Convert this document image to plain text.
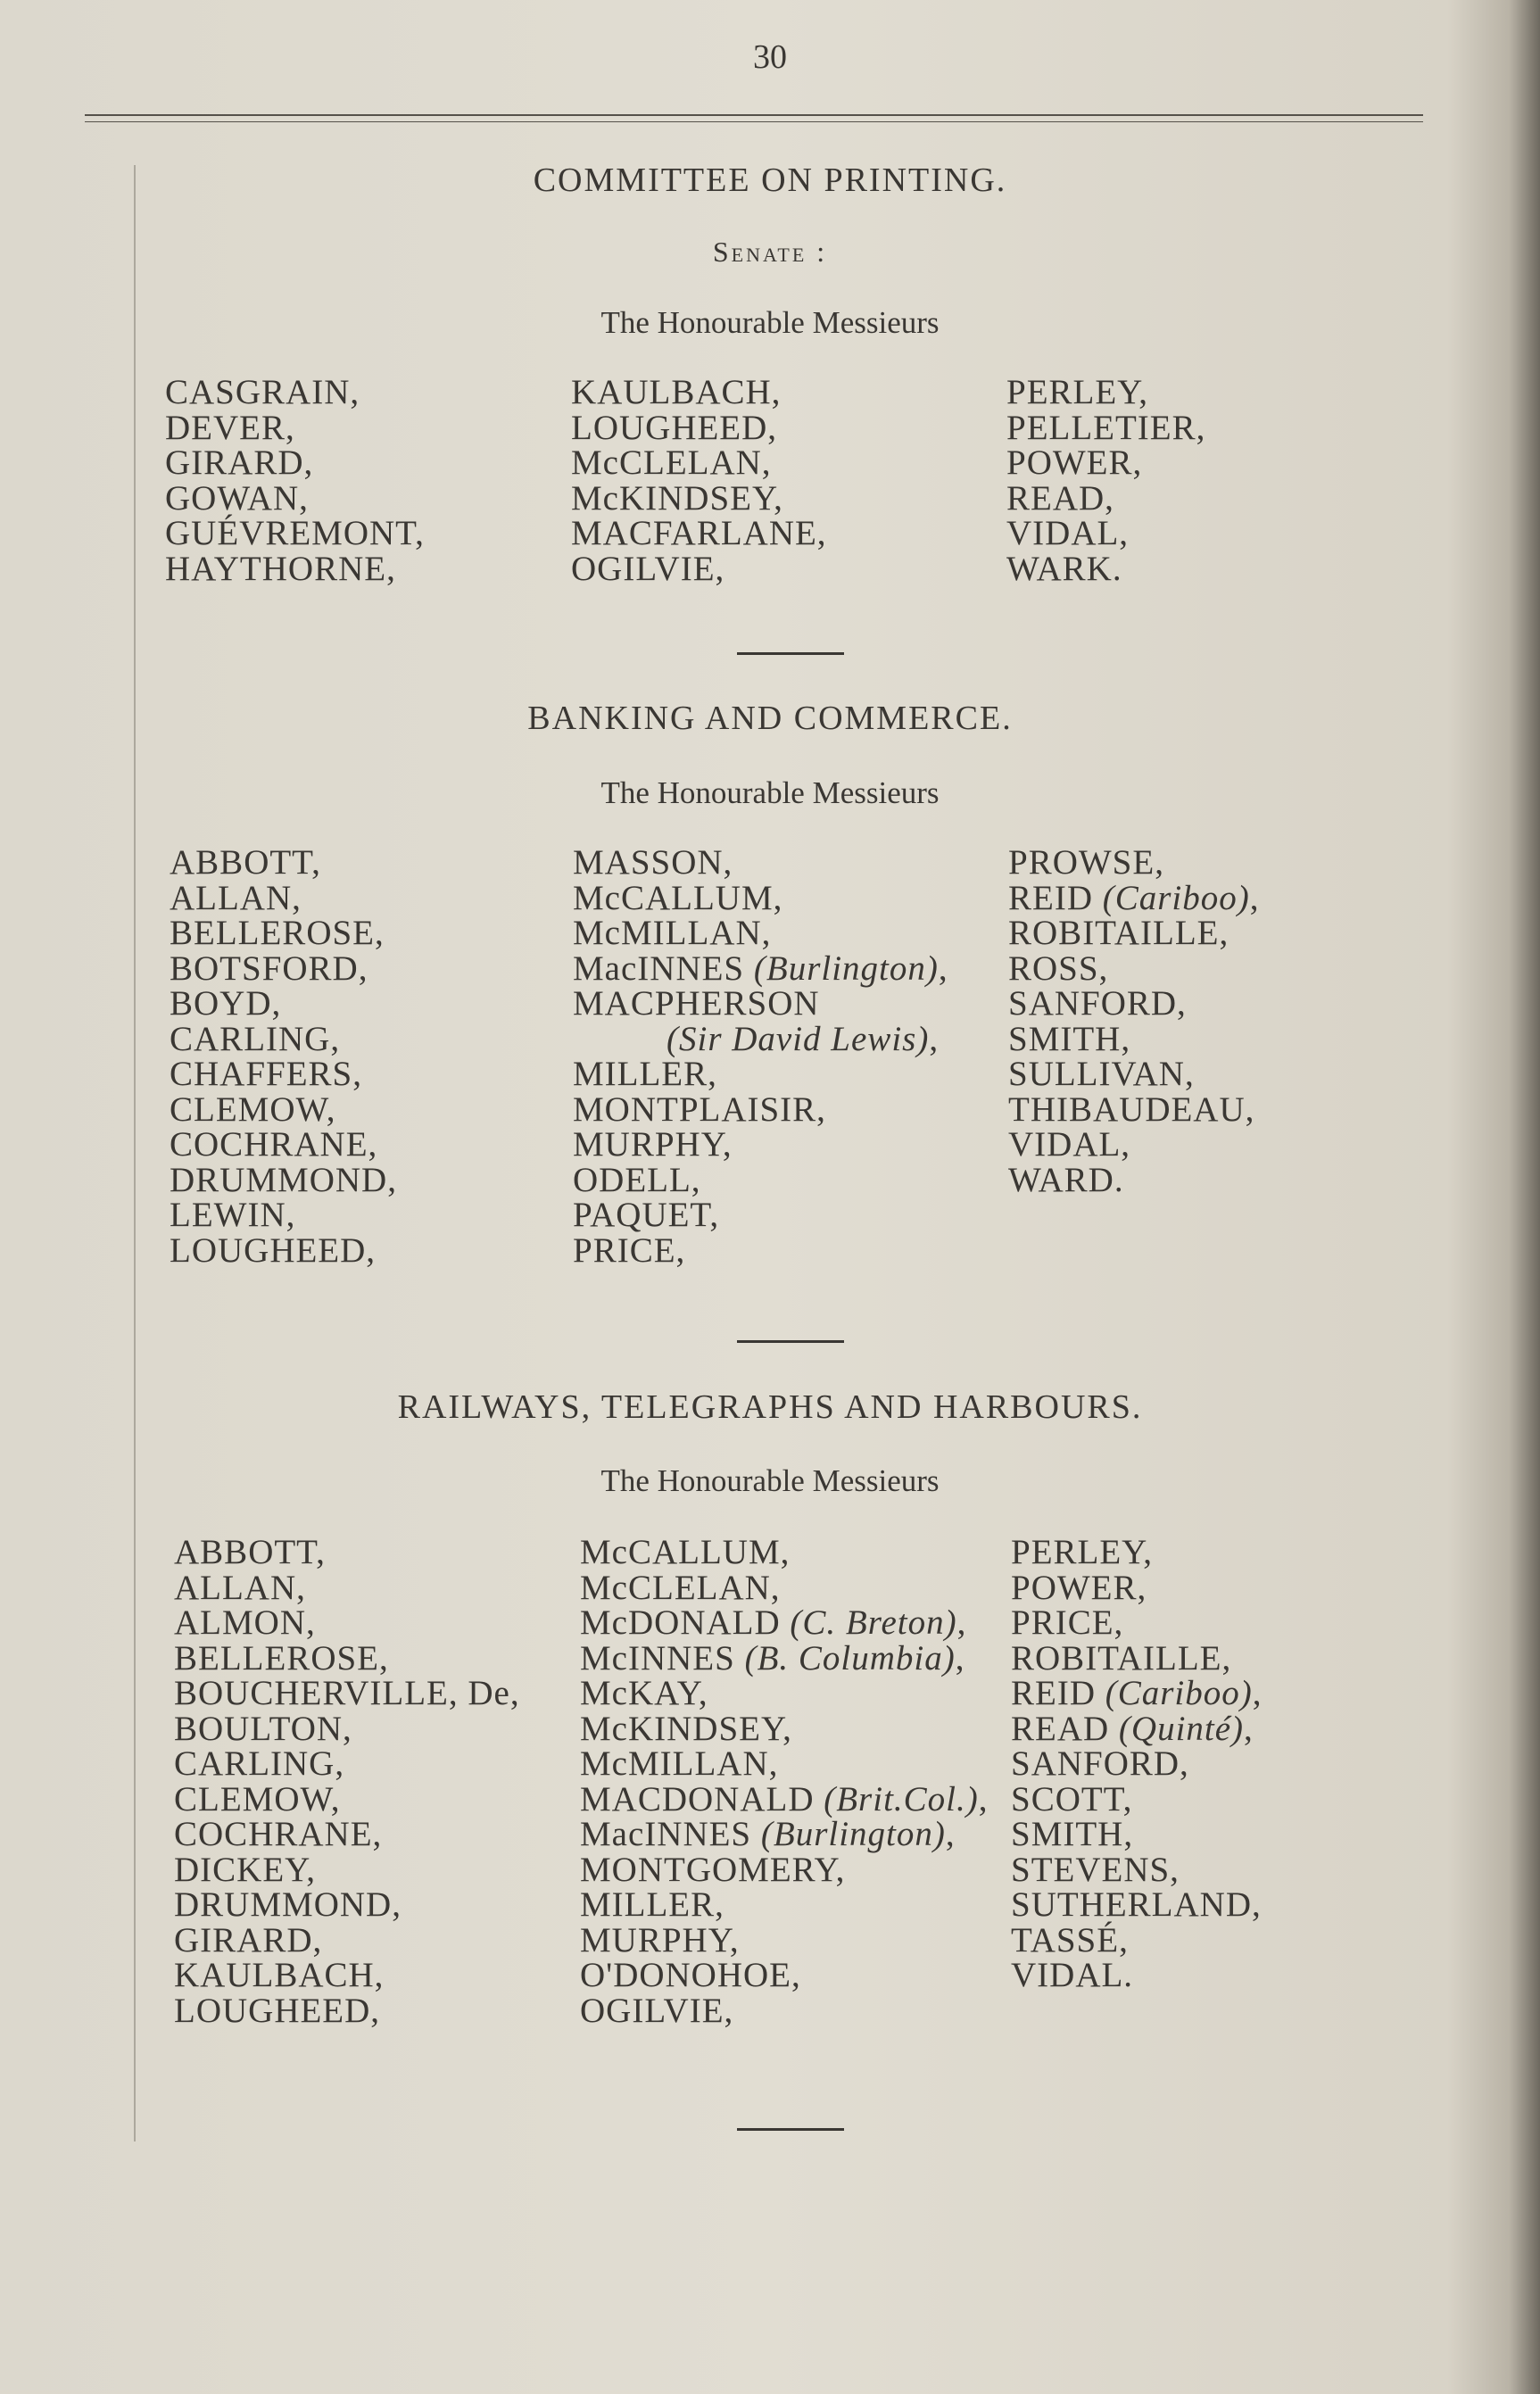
30
COMMITTEE ON PRINTING.
Senate :
The Honourable Messieurs
CASGRAIN,
DEVER,
GIRARD,
GOWAN,
GUÉVREMONT,
HAYTHORNE,
KAULBACH,
LOUGHEED,
McCLELAN,
McKINDSEY,
MACFARLANE,
OGILVIE,
PERLEY,
PELLETIER,
POWER,
READ,
VIDAL,
WARK.
BANKING AND COMMERCE.
The Honourable Messieurs
ABBOTT,
ALLAN,
BELLEROSE,
BOTSFORD,
BOYD,
CARLING,
CHAFFERS,
CLEMOW,
COCHRANE,
DRUMMOND,
LEWIN,
LOUGHEED,
MASSON,
McCALLUM,
McMILLAN,
MacINNES (Burlington),
MACPHERSON
(Sir David Lewis),
MILLER,
MONTPLAISIR,
MURPHY,
ODELL,
PAQUET,
PRICE,
PROWSE,
REID (Cariboo),
ROBITAILLE,
ROSS,
SANFORD,
SMITH,
SULLIVAN,
THIBAUDEAU,
VIDAL,
WARD.
RAILWAYS, TELEGRAPHS AND HARBOURS.
The Honourable Messieurs
ABBOTT,
ALLAN,
ALMON,
BELLEROSE,
BOUCHERVILLE, De,
BOULTON,
CARLING,
CLEMOW,
COCHRANE,
DICKEY,
DRUMMOND,
GIRARD,
KAULBACH,
LOUGHEED,
McCALLUM,
McCLELAN,
McDONALD (C. Breton),
McINNES (B. Columbia),
McKAY,
McKINDSEY,
McMILLAN,
MACDONALD (Brit.Col.),
MacINNES (Burlington),
MONTGOMERY,
MILLER,
MURPHY,
O'DONOHOE,
OGILVIE,
PERLEY,
POWER,
PRICE,
ROBITAILLE,
REID (Cariboo),
READ (Quinté),
SANFORD,
SCOTT,
SMITH,
STEVENS,
SUTHERLAND,
TASSÉ,
VIDAL.
